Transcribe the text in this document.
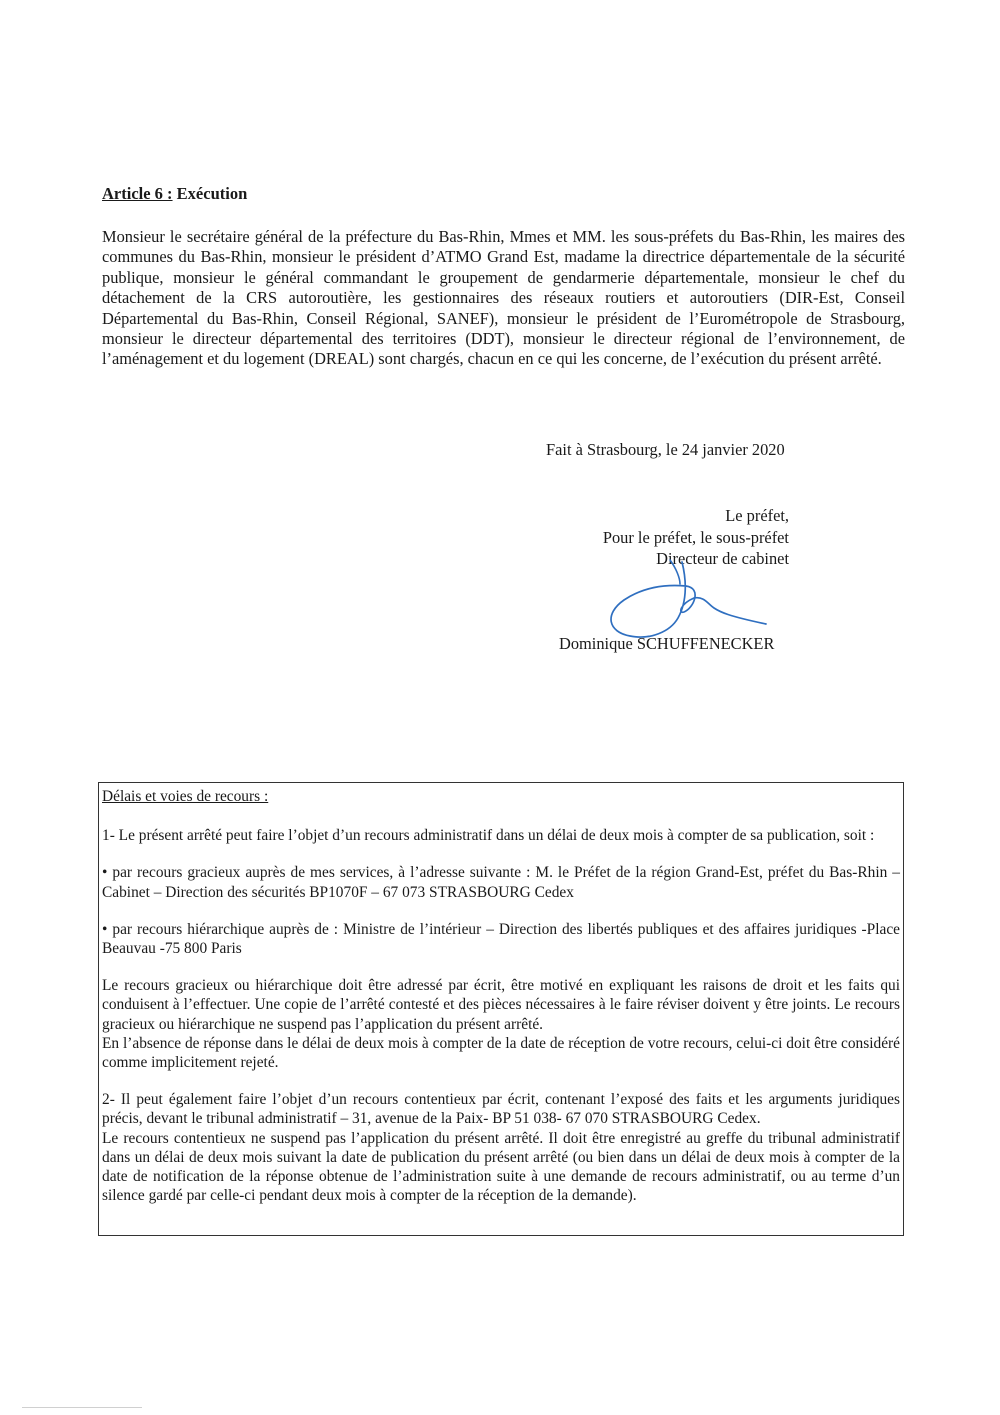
Article 6 : Exécution

Monsieur le secrétaire général de la préfecture du Bas-Rhin, Mmes et MM. les sous-préfets du Bas-Rhin, les maires des communes du Bas-Rhin, monsieur le président d’ATMO Grand Est, madame la directrice départementale de la sécurité publique, monsieur le général commandant le groupement de gendarmerie départementale, monsieur le chef du détachement de la CRS autoroutière, les gestionnaires des réseaux routiers et autoroutiers (DIR-Est, Conseil Départemental du Bas-Rhin, Conseil Régional, SANEF), monsieur le président de l’Eurométropole de Strasbourg, monsieur le directeur départemental des territoires (DDT), monsieur le directeur régional de l’environnement, de l’aménagement et du logement (DREAL) sont chargés, chacun en ce qui les concerne, de l’exécution du présent arrêté.

Fait à Strasbourg, le 24 janvier 2020

Le préfet,
Pour le préfet, le sous-préfet
Directeur de cabinet

Dominique SCHUFFENECKER

Délais et voies de recours :

1- Le présent arrêté peut faire l’objet d’un recours administratif dans un délai de deux mois à compter de sa publication, soit :

• par recours gracieux auprès de mes services, à l’adresse suivante : M. le Préfet de la région Grand-Est, préfet du Bas-Rhin – Cabinet – Direction des sécurités BP1070F – 67 073 STRASBOURG Cedex

• par recours hiérarchique auprès de : Ministre de l’intérieur – Direction des libertés publiques et des affaires juridiques -Place Beauvau -75 800 Paris

Le recours gracieux ou hiérarchique doit être adressé par écrit, être motivé en expliquant les raisons de droit et les faits qui conduisent à l’effectuer. Une copie de l’arrêté contesté et des pièces nécessaires à le faire réviser doivent y être joints. Le recours gracieux ou hiérarchique ne suspend pas l’application du présent arrêté.

En l’absence de réponse dans le délai de deux mois à compter de la date de réception de votre recours, celui-ci doit être considéré comme implicitement rejeté.

2- Il peut également faire l’objet d’un recours contentieux par écrit, contenant l’exposé des faits et les arguments juridiques précis, devant le tribunal administratif – 31, avenue de la Paix- BP 51 038- 67 070 STRASBOURG Cedex.

Le recours contentieux ne suspend pas l’application du présent arrêté. Il doit être enregistré au greffe du tribunal administratif dans un délai de deux mois suivant la date de publication du présent arrêté (ou bien dans un délai de deux mois à compter de la date de notification de la réponse obtenue de l’administration suite à une demande de recours administratif, ou au terme d’un silence gardé par celle-ci pendant deux mois à compter de la réception de la demande).
